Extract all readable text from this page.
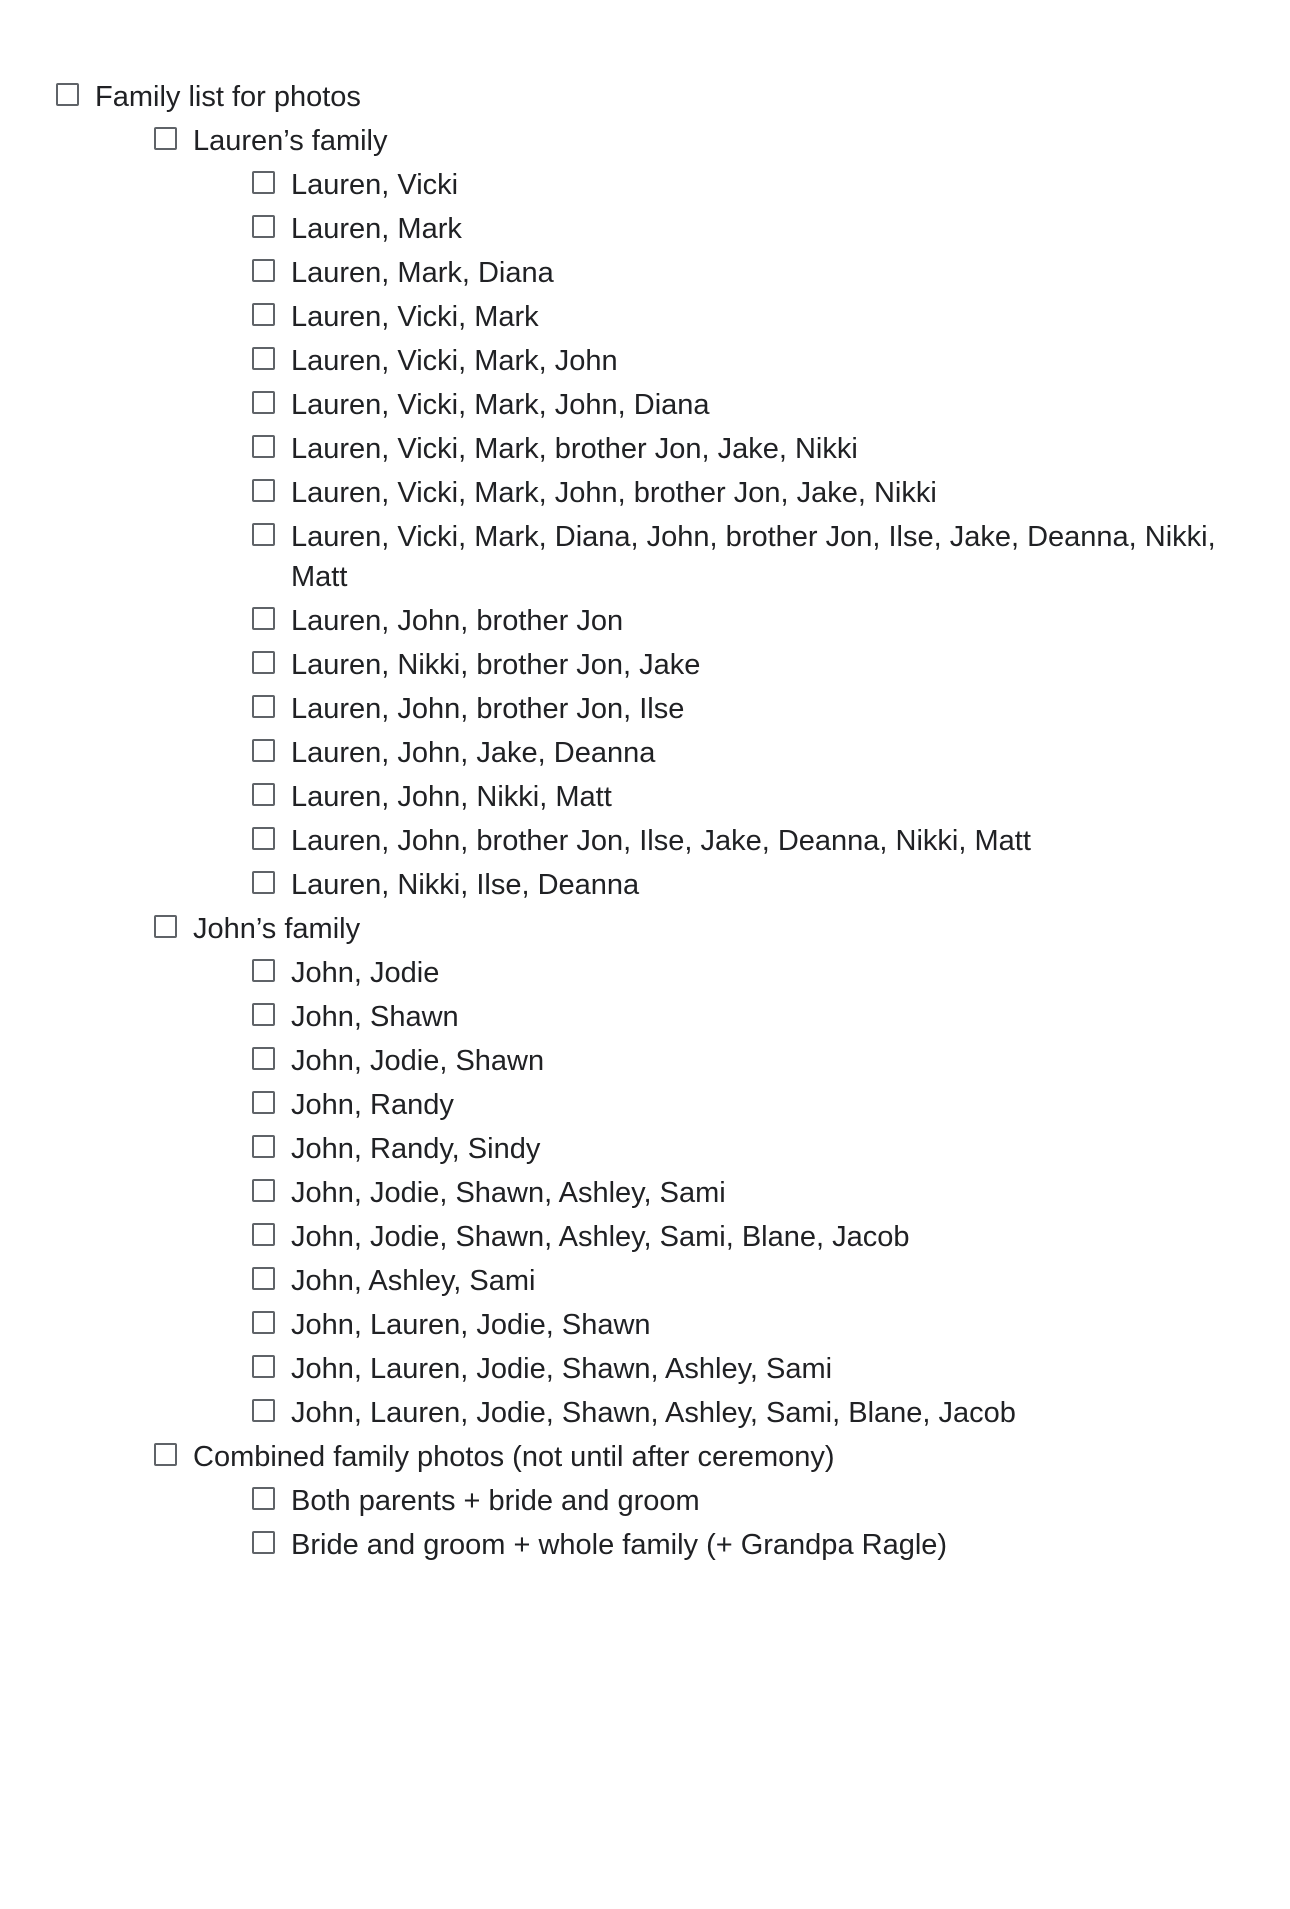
Family list for photos
Lauren’s family
Lauren, Vicki
Lauren, Mark
Lauren, Mark, Diana
Lauren, Vicki, Mark
Lauren, Vicki, Mark, John
Lauren, Vicki, Mark, John, Diana
Lauren, Vicki, Mark, brother Jon, Jake, Nikki
Lauren, Vicki, Mark, John, brother Jon, Jake, Nikki
Lauren, Vicki, Mark, Diana, John, brother Jon, Ilse, Jake, Deanna, Nikki, Matt
Lauren, John, brother Jon
Lauren, Nikki, brother Jon, Jake
Lauren, John, brother Jon, Ilse
Lauren, John, Jake, Deanna
Lauren, John, Nikki, Matt
Lauren, John, brother Jon, Ilse, Jake, Deanna, Nikki, Matt
Lauren, Nikki, Ilse, Deanna
John’s family
John, Jodie
John, Shawn
John, Jodie, Shawn
John, Randy
John, Randy, Sindy
John, Jodie, Shawn, Ashley, Sami
John, Jodie, Shawn, Ashley, Sami, Blane, Jacob
John, Ashley, Sami
John, Lauren, Jodie, Shawn
John, Lauren, Jodie, Shawn, Ashley, Sami
John, Lauren, Jodie, Shawn, Ashley, Sami, Blane, Jacob
Combined family photos (not until after ceremony)
Both parents + bride and groom
Bride and groom + whole family (+ Grandpa Ragle)
